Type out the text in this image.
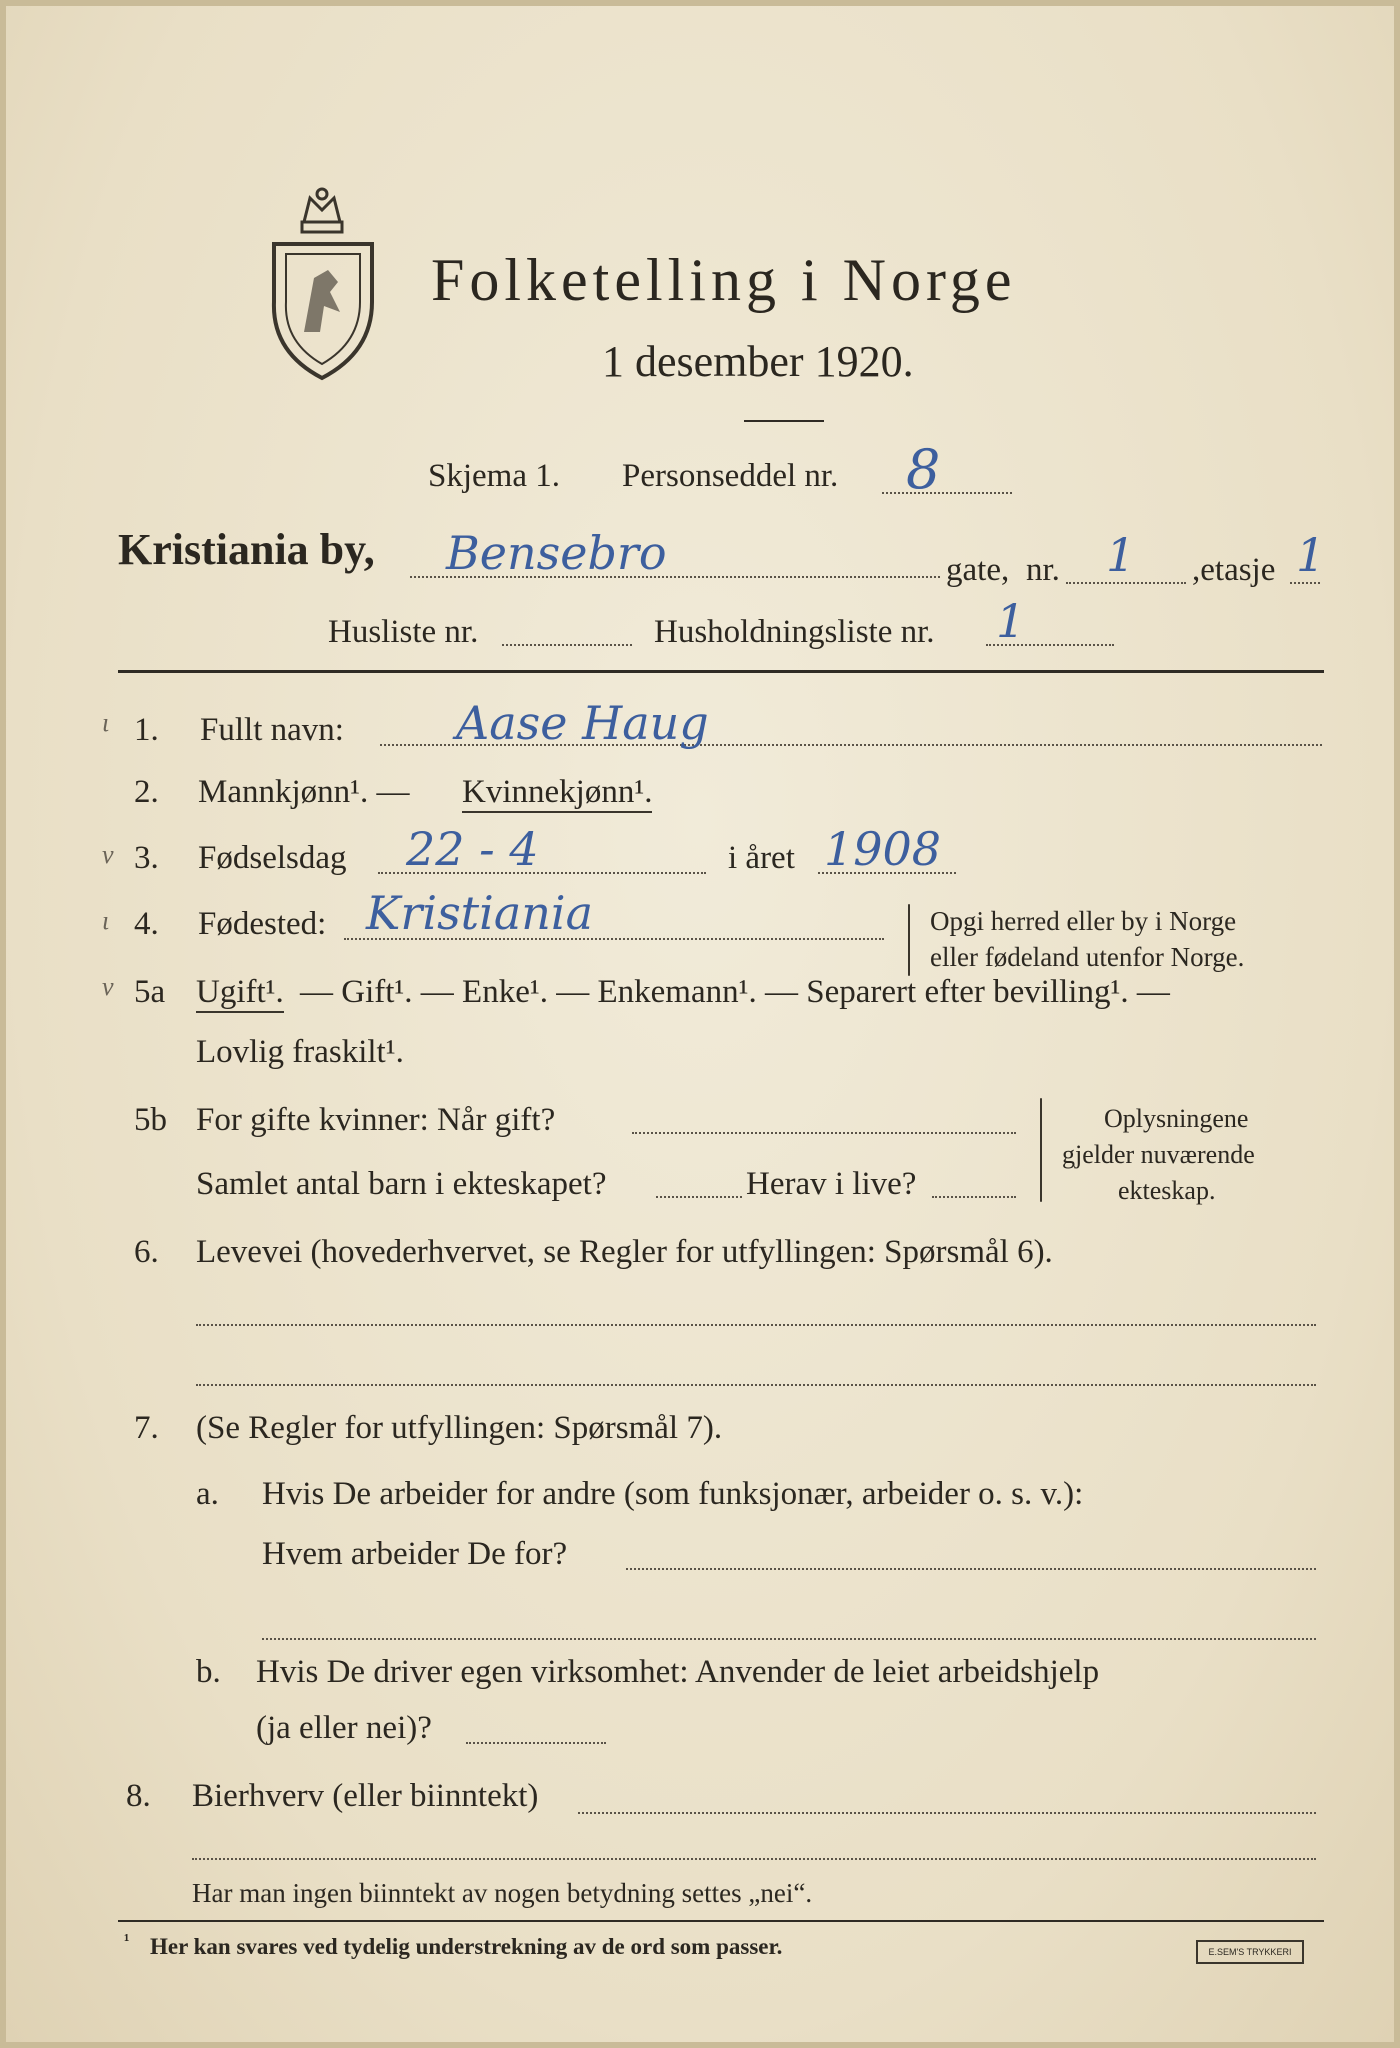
Folketelling i Norge
1 desember 1920.
Skjema 1. Personseddel nr. 8
Kristiania by, Bensebro	gate, nr. 1 ,etasje 1
Husliste nr.	Husholdningsliste nr. 1
ι 1. Fullt navn: Aase Haug
2. Mannkjønn¹. — Kvinnekjønn¹.
v 3. Fødselsdag 22 - 4	i året 1908
ι 4. Fødested: Kristiania	Opgi herred eller by i Norge
eller fødeland utenfor Norge.
v 5a Ugift¹. — Gift¹. — Enke¹. — Enkemann¹. — Separert efter bevilling¹. —
Lovlig fraskilt¹.
5b For gifte kvinner: Når gift?
Samlet antal barn i ekteskapet?	Herav i live?
Oplysningene
gjelder nuværende
ekteskap.
6. Levevei (hovederhvervet, se Regler for utfyllingen: Spørsmål 6).
7. (Se Regler for utfyllingen: Spørsmål 7).
a. Hvis De arbeider for andre (som funksjonær, arbeider o. s. v.):
Hvem arbeider De for?
b. Hvis De driver egen virksomhet: Anvender de leiet arbeidshjelp
(ja eller nei)?
8. Bierhverv (eller biinntekt)
Har man ingen biinntekt av nogen betydning settes „nei“.
¹ Her kan svares ved tydelig understrekning av de ord som passer.	E.SEM'S TRYKKERI
